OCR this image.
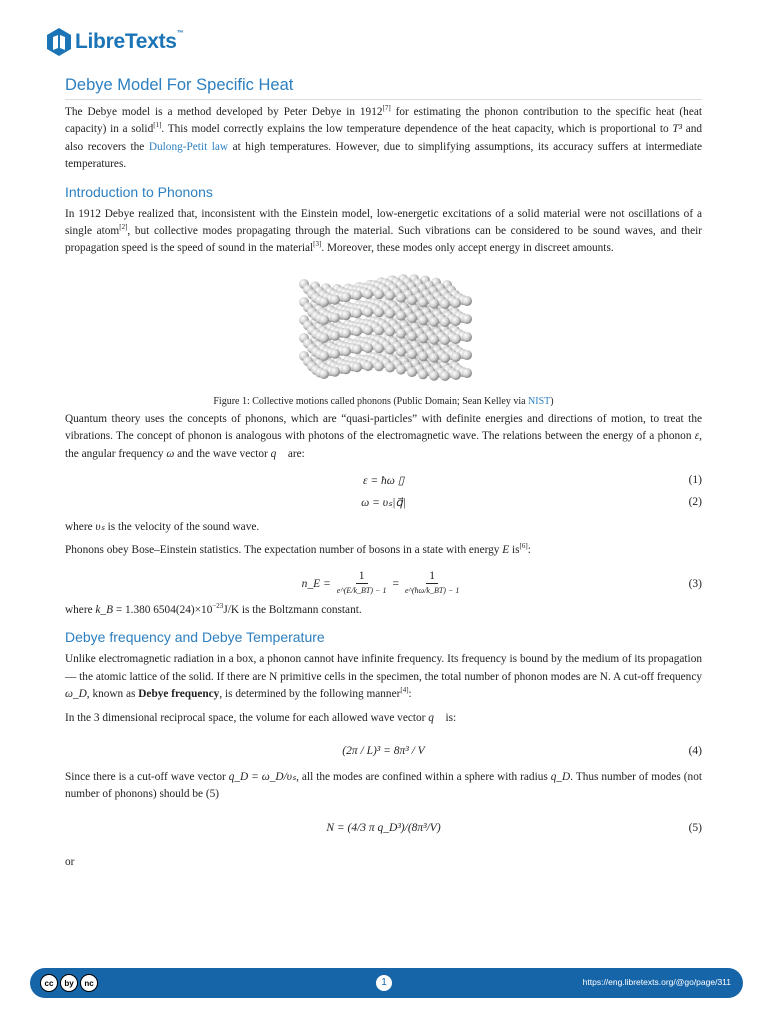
LibreTexts™
Debye Model For Specific Heat

The Debye model is a method developed by Peter Debye in 1912[7] for estimating the phonon contribution to the specific heat (heat capacity) in a solid[1]. This model correctly explains the low temperature dependence of the heat capacity, which is proportional to T³ and also recovers the Dulong-Petit law at high temperatures. However, due to simplifying assumptions, its accuracy suffers at intermediate temperatures.

Introduction to Phonons

In 1912 Debye realized that, inconsistent with the Einstein model, low-energetic excitations of a solid material were not oscillations of a single atom[2], but collective modes propagating through the material. Such vibrations can be considered to be sound waves, and their propagation speed is the speed of sound in the material[3]. Moreover, these modes only accept energy in discreet amounts.

Figure 1: Collective motions called phonons (Public Domain; Sean Kelley via NIST)

Quantum theory uses the concepts of phonons, which are “quasi-particles” with definite energies and directions of motion, to treat the vibrations. The concept of phonon is analogous with photons of the electromagnetic wave. The relations between the energy of a phonon ε, the angular frequency ω and the wave vector q⃗ are:

ε = ħω ▯	(1)
ω = υₛ|q⃗|	(2)

where υₛ is the velocity of the sound wave.

Phonons obey Bose–Einstein statistics. The expectation number of bosons in a state with energy E is[6]:

n_E = $\frac{1}{e\^{}(E/k\_BT) - 1} = \frac{1}{e\^{}(ħ\omega/k\_BT) - 1}$	(3)

where k_B = 1.380 $6504(24)\times 10^{-23}J/K$ is the Boltzmann constant.

Debye frequency and Debye Temperature

Unlike electromagnetic radiation in a box, a phonon cannot have infinite frequency. Its frequency is bound by the medium of its propagation — the atomic lattice of the solid. If there are N primitive cells in the specimen, the total number of phonon modes are N. A cut-off frequency ω_D, known as Debye frequency, is determined by the following manner[4]:

In the 3 dimensional reciprocal space, the volume for each allowed wave vector q⃗ is:

(2π / L)³ = 8π³ / V	(4)

Since there is a cut-off wave vector q_D = ω_D/υₛ, all the modes are confined within a sphere with radius q_D. Thus number of modes (not number of phonons) should be (5)

N = (4/3 π q_D³)/(8π³/V)	(5)

or

cc	by	nc	1	https://eng.libretexts.org/@go/page/311
